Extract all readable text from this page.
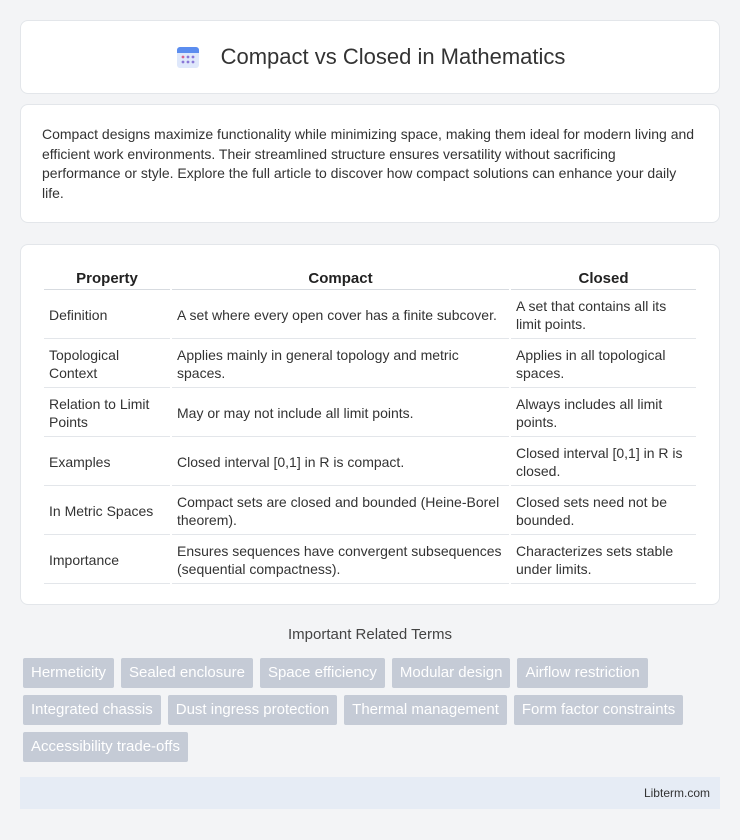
Compact vs Closed in Mathematics

Compact designs maximize functionality while minimizing space, making them ideal for modern living and efficient work environments. Their streamlined structure ensures versatility without sacrificing performance or style. Explore the full article to discover how compact solutions can enhance your daily life.

Property	Compact	Closed
Definition	A set where every open cover has a finite subcover.	A set that contains all its limit points.
Topological Context	Applies mainly in general topology and metric spaces.	Applies in all topological spaces.
Relation to Limit Points	May or may not include all limit points.	Always includes all limit points.
Examples	Closed interval [0,1] in R is compact.	Closed interval [0,1] in R is closed.
In Metric Spaces	Compact sets are closed and bounded (Heine-Borel theorem).	Closed sets need not be bounded.
Importance	Ensures sequences have convergent subsequences (sequential compactness).	Characterizes sets stable under limits.
Important Related Terms
Hermeticity	Sealed enclosure	Space efficiency	Modular design	Airflow restriction
Integrated chassis	Dust ingress protection	Thermal management	Form factor constraints
Accessibility trade-offs
Libterm.com
